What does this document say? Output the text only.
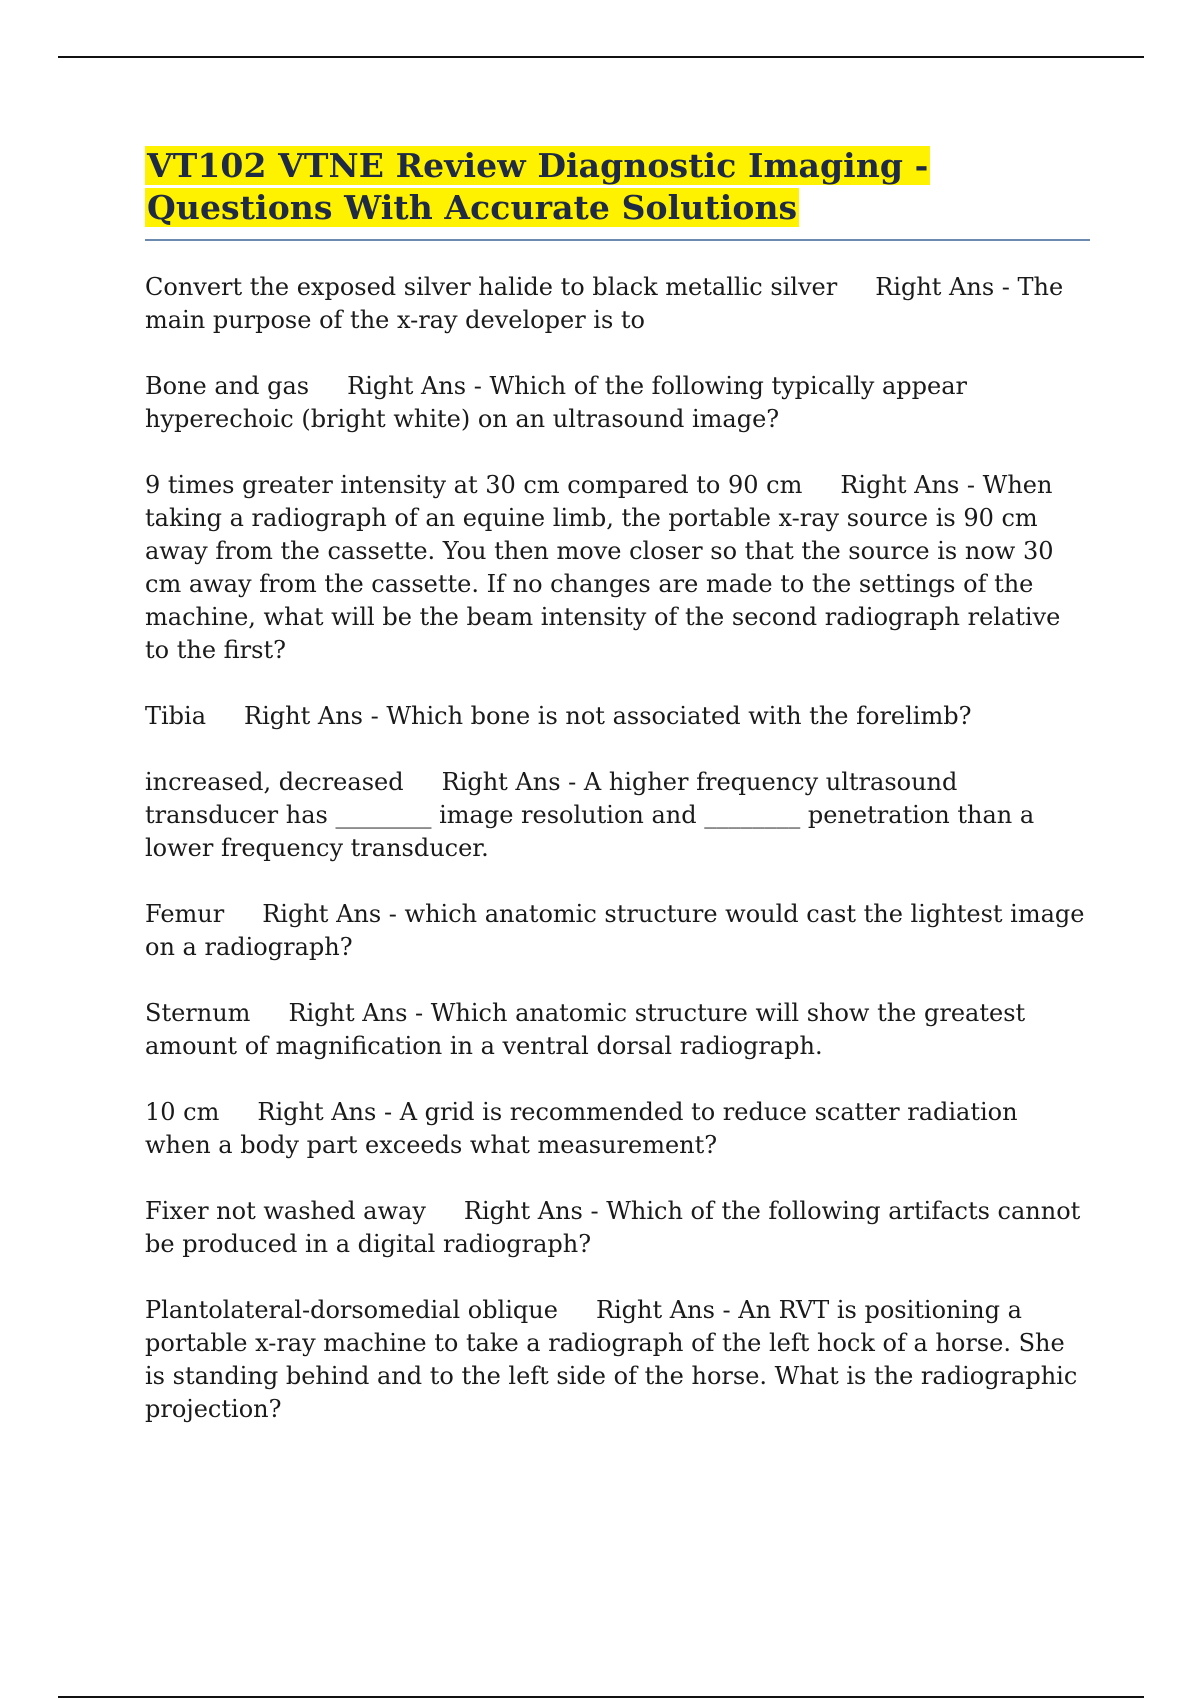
VT102 VTNE Review Diagnostic Imaging - Questions With Accurate Solutions

Convert the exposed silver halide to black metallic silver Right Ans - The main purpose of the x-ray developer is to

Bone and gas Right Ans - Which of the following typically appear hyperechoic (bright white) on an ultrasound image?

9 times greater intensity at 30 cm compared to 90 cm Right Ans - When taking a radiograph of an equine limb, the portable x-ray source is 90 cm away from the cassette. You then move closer so that the source is now 30 cm away from the cassette. If no changes are made to the settings of the machine, what will be the beam intensity of the second radiograph relative to the first?

Tibia Right Ans - Which bone is not associated with the forelimb?

increased, decreased Right Ans - A higher frequency ultrasound transducer has ________ image resolution and ________ penetration than a lower frequency transducer.

Femur Right Ans - which anatomic structure would cast the lightest image on a radiograph?

Sternum Right Ans - Which anatomic structure will show the greatest amount of magnification in a ventral dorsal radiograph.

10 cm Right Ans - A grid is recommended to reduce scatter radiation when a body part exceeds what measurement?

Fixer not washed away Right Ans - Which of the following artifacts cannot be produced in a digital radiograph?

Plantolateral-dorsomedial oblique Right Ans - An RVT is positioning a portable x-ray machine to take a radiograph of the left hock of a horse. She is standing behind and to the left side of the horse. What is the radiographic projection?
